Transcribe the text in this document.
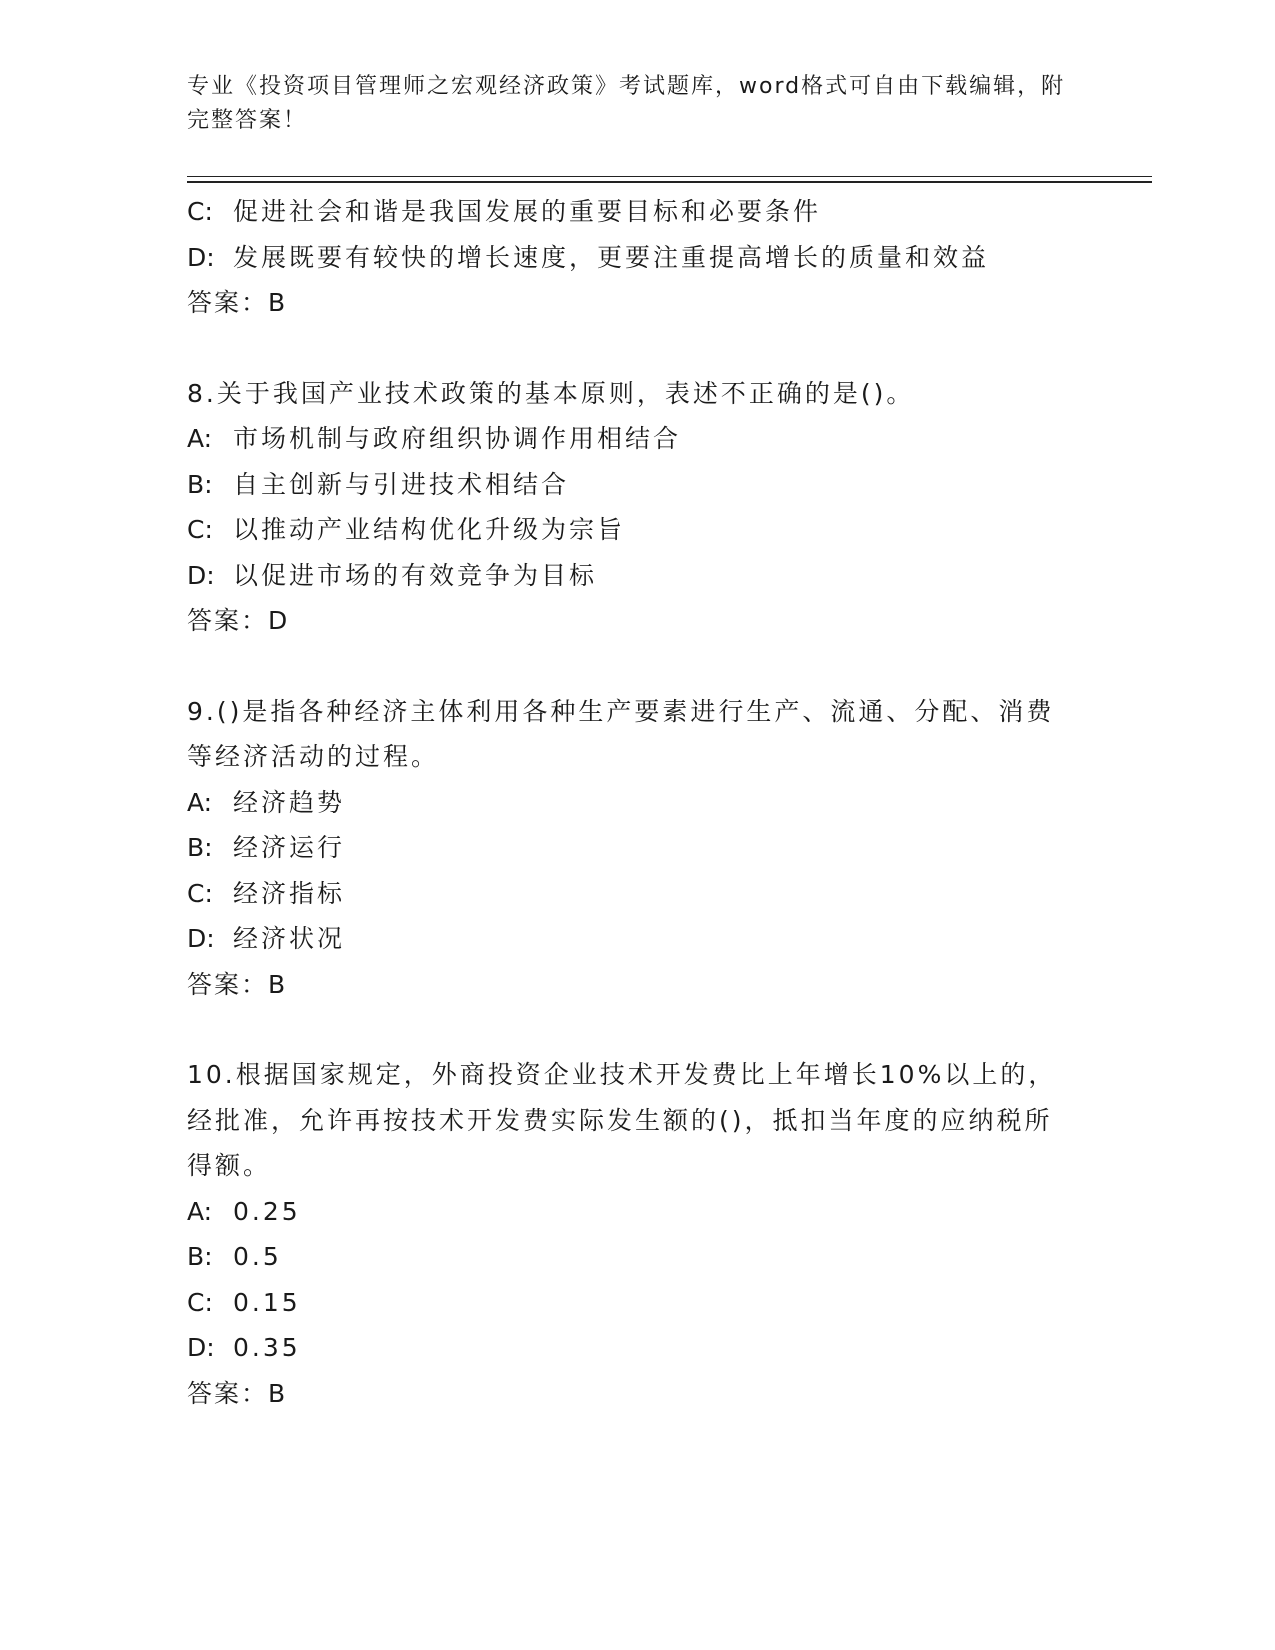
专业《投资项目管理师之宏观经济政策》考试题库，word格式可自由下载编辑，附完整答案！
C: 促进社会和谐是我国发展的重要目标和必要条件
D: 发展既要有较快的增长速度，更要注重提高增长的质量和效益
答案：B
8.关于我国产业技术政策的基本原则，表述不正确的是()。
A: 市场机制与政府组织协调作用相结合
B: 自主创新与引进技术相结合
C: 以推动产业结构优化升级为宗旨
D: 以促进市场的有效竞争为目标
答案：D
9.()是指各种经济主体利用各种生产要素进行生产、流通、分配、消费等经济活动的过程。
A: 经济趋势
B: 经济运行
C: 经济指标
D: 经济状况
答案：B
10.根据国家规定，外商投资企业技术开发费比上年增长10%以上的，经批准，允许再按技术开发费实际发生额的()，抵扣当年度的应纳税所得额。
A: 0.25
B: 0.5
C: 0.15
D: 0.35
答案：B
